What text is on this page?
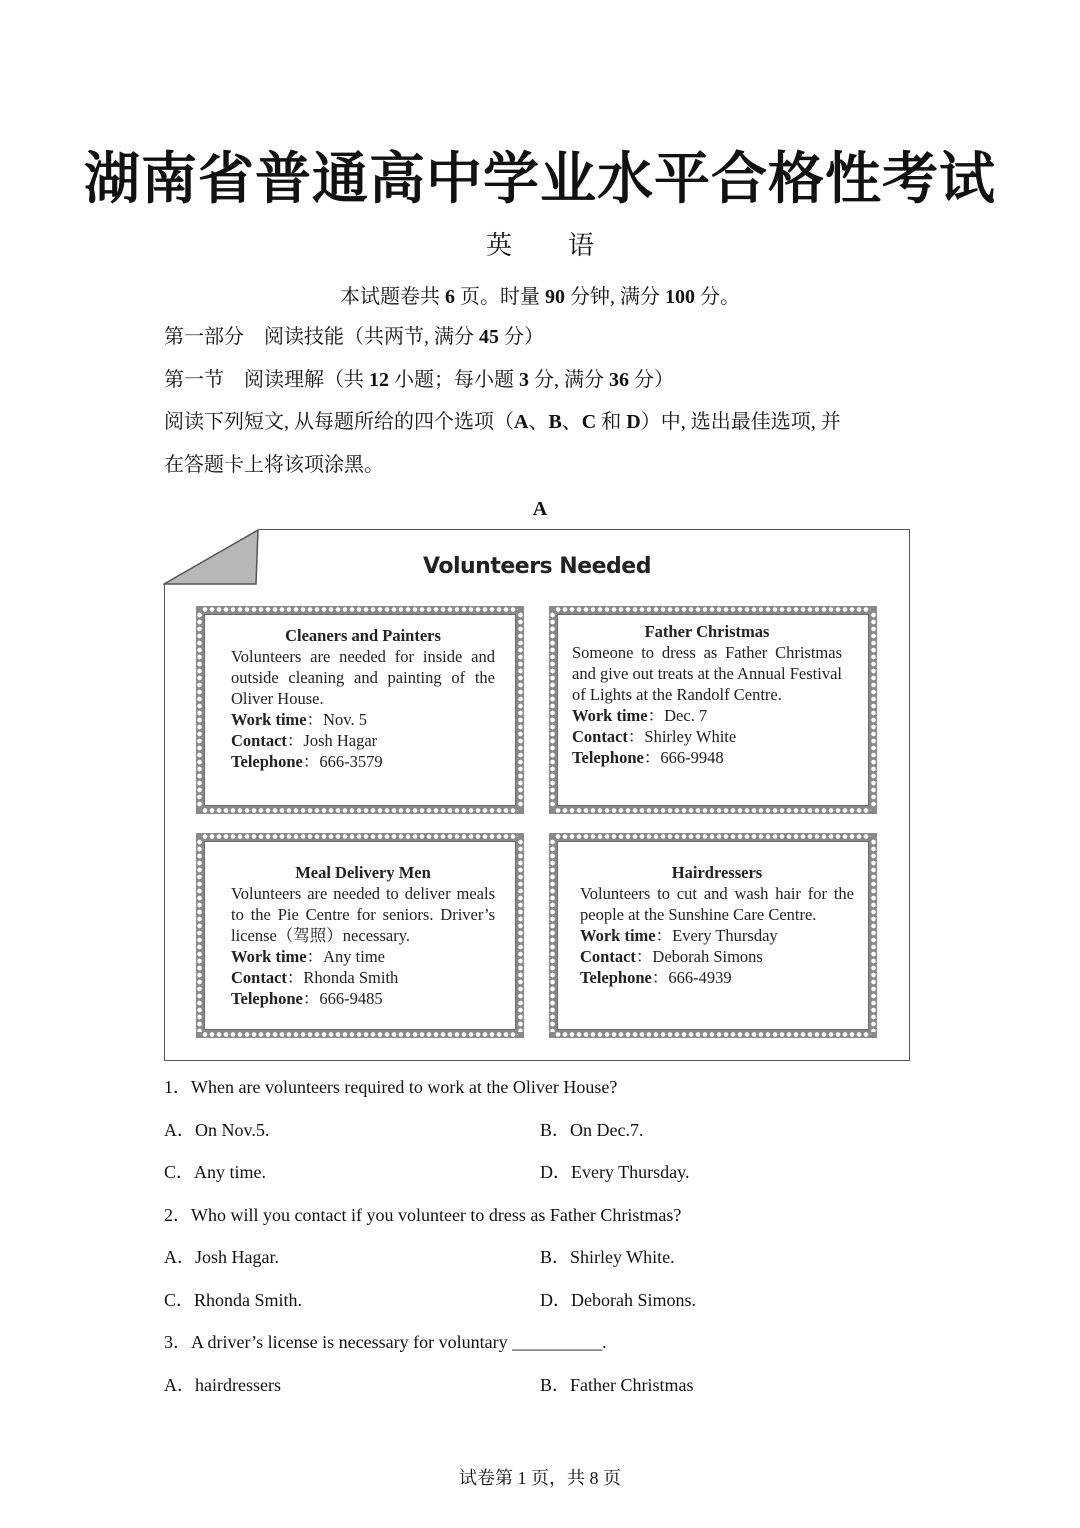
湖南省普通高中学业水平合格性考试
英语
本试题卷共 6 页。时量 90 分钟, 满分 100 分。
第一部分　阅读技能（共两节, 满分 45 分）
第一节　阅读理解（共 12 小题；每小题 3 分, 满分 36 分）
阅读下列短文, 从每题所给的四个选项（A、B、C 和 D）中, 选出最佳选项, 并
在答题卡上将该项涂黑。
A
Volunteers Needed
Cleaners and Painters
Volunteers are needed for inside and outside cleaning and painting of the Oliver House.
Work time：Nov. 5
Contact：Josh Hagar
Telephone：666-3579
Father Christmas
Someone to dress as Father Christmas and give out treats at the Annual Festival of Lights at the Randolf Centre.
Work time：Dec. 7
Contact：Shirley White
Telephone：666-9948
Meal Delivery Men
Volunteers are needed to deliver meals to the Pie Centre for seniors. Driver’s license（驾照）necessary.
Work time：Any time
Contact：Rhonda Smith
Telephone：666-9485
Hairdressers
Volunteers to cut and wash hair for the people at the Sunshine Care Centre.
Work time：Every Thursday
Contact：Deborah Simons
Telephone：666-4939
1．When are volunteers required to work at the Oliver House?
A．On Nov.5.	B．On Dec.7.
C．Any time.	D．Every Thursday.
2．Who will you contact if you volunteer to dress as Father Christmas?
A．Josh Hagar.	B．Shirley White.
C．Rhonda Smith.	D．Deborah Simons.
3．A driver’s license is necessary for voluntary __________.
A．hairdressers	B．Father Christmas
试卷第 1 页，共 8 页
